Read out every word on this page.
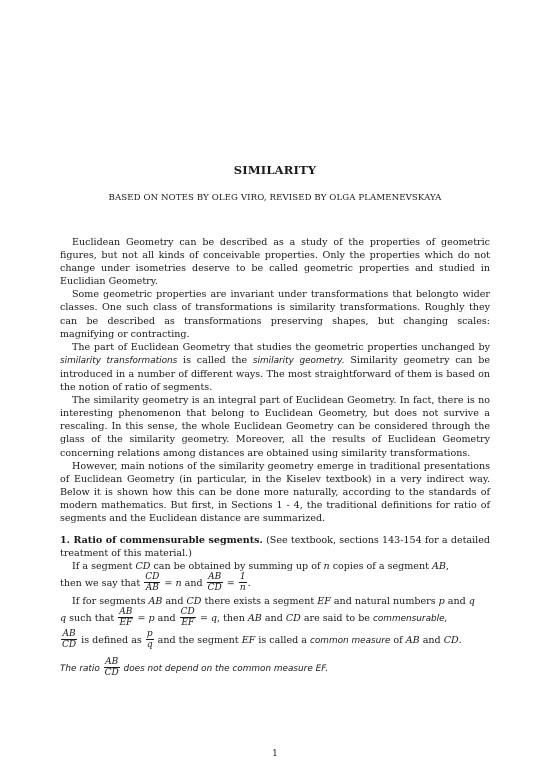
SIMILARITY
BASED ON NOTES BY OLEG VIRO, REVISED BY OLGA PLAMENEVSKAYA

Euclidean Geometry can be described as a study of the properties of geometric figures, but not all kinds of conceivable properties. Only the properties which do not change under isometries deserve to be called geometric properties and studied in Euclidian Geometry.

Some geometric properties are invariant under transformations that belongto wider classes. One such class of transformations is similarity transformations. Roughly they can be described as transformations preserving shapes, but changing scales: magnifying or contracting.

The part of Euclidean Geometry that studies the geometric properties unchanged by similarity transformations is called the similarity geometry. Similarity geometry can be introduced in a number of different ways. The most straightforward of them is based on the notion of ratio of segments.

The similarity geometry is an integral part of Euclidean Geometry. In fact, there is no interesting phenomenon that belong to Euclidean Geometry, but does not survive a rescaling. In this sense, the whole Euclidean Geometry can be considered through the glass of the similarity geometry. Moreover, all the results of Euclidean Geometry concerning relations among distances are obtained using similarity transformations.

However, main notions of the similarity geometry emerge in traditional presentations of Euclidean Geometry (in particular, in the Kiselev textbook) in a very indirect way. Below it is shown how this can be done more naturally, according to the standards of modern mathematics. But first, in Sections 1 - 4, the traditional definitions for ratio of segments and the Euclidean distance are summarized.

1. Ratio of commensurable segments. (See textbook, sections 143-154 for a detailed treatment of this material.)

If a segment CD can be obtained by summing up of n copies of a segment AB,

then we say that $\frac{CD}{AB} = n$ and $\frac{AB}{CD} = \frac{1}{n}$ .

If for segments AB and CD there exists a segment EF and natural numbers p and q

q such that $\frac{AB}{EF} = p$ and $\frac{CD}{EF} = q$, then AB and CD are said to be commensurable,

$\frac{AB}{CD}$ is defined as $\frac{p}{q}$ and the segment EF is called a common measure of AB and CD.

The ratio $\frac{AB}{CD}$ does not depend on the common measure EF.

1
